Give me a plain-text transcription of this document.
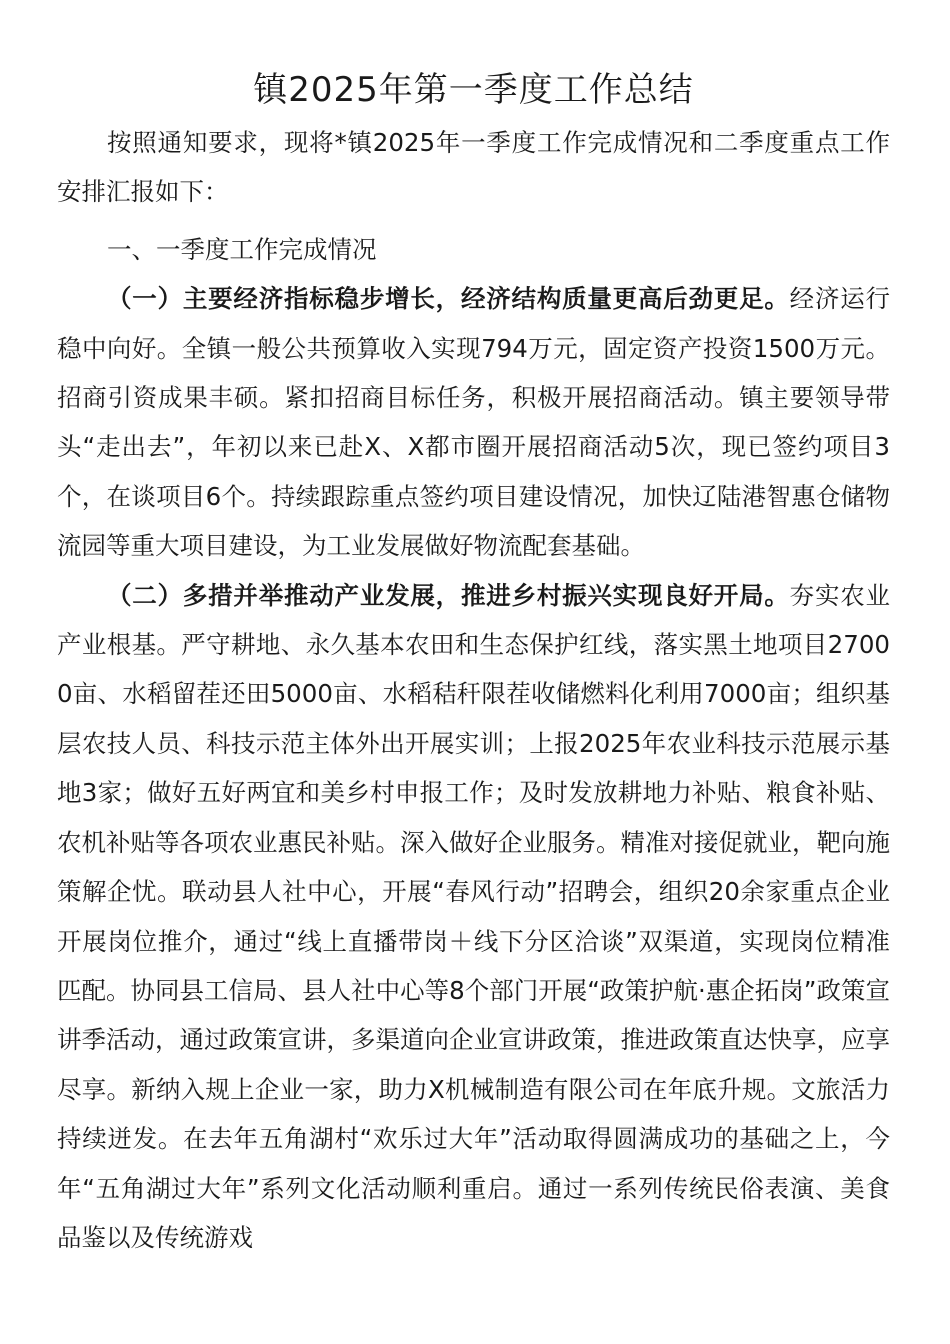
镇2025年第一季度工作总结

按照通知要求，现将*镇2025年一季度工作完成情况和二季度重点工作安排汇报如下：

一、一季度工作完成情况

（一）主要经济指标稳步增长，经济结构质量更高后劲更足。经济运行稳中向好。全镇一般公共预算收入实现794万元，固定资产投资1500万元。招商引资成果丰硕。紧扣招商目标任务，积极开展招商活动。镇主要领导带头“走出去”，年初以来已赴X、X都市圈开展招商活动5次，现已签约项目3个，在谈项目6个。持续跟踪重点签约项目建设情况，加快辽陆港智惠仓储物流园等重大项目建设，为工业发展做好物流配套基础。

（二）多措并举推动产业发展，推进乡村振兴实现良好开局。夯实农业产业根基。严守耕地、永久基本农田和生态保护红线，落实黑土地项目27000亩、水稻留茬还田5000亩、水稻秸秆限茬收储燃料化利用7000亩；组织基层农技人员、科技示范主体外出开展实训；上报2025年农业科技示范展示基地3家；做好五好两宜和美乡村申报工作；及时发放耕地力补贴、粮食补贴、农机补贴等各项农业惠民补贴。深入做好企业服务。精准对接促就业，靶向施策解企忧。联动县人社中心，开展“春风行动”招聘会，组织20余家重点企业开展岗位推介，通过“线上直播带岗＋线下分区洽谈”双渠道，实现岗位精准匹配。协同县工信局、县人社中心等8个部门开展“政策护航·惠企拓岗”政策宣讲季活动，通过政策宣讲，多渠道向企业宣讲政策，推进政策直达快享，应享尽享。新纳入规上企业一家，助力X机械制造有限公司在年底升规。文旅活力持续迸发。在去年五角湖村“欢乐过大年”活动取得圆满成功的基础之上，今年“五角湖过大年”系列文化活动顺利重启。通过一系列传统民俗表演、美食品鉴以及传统游戏
